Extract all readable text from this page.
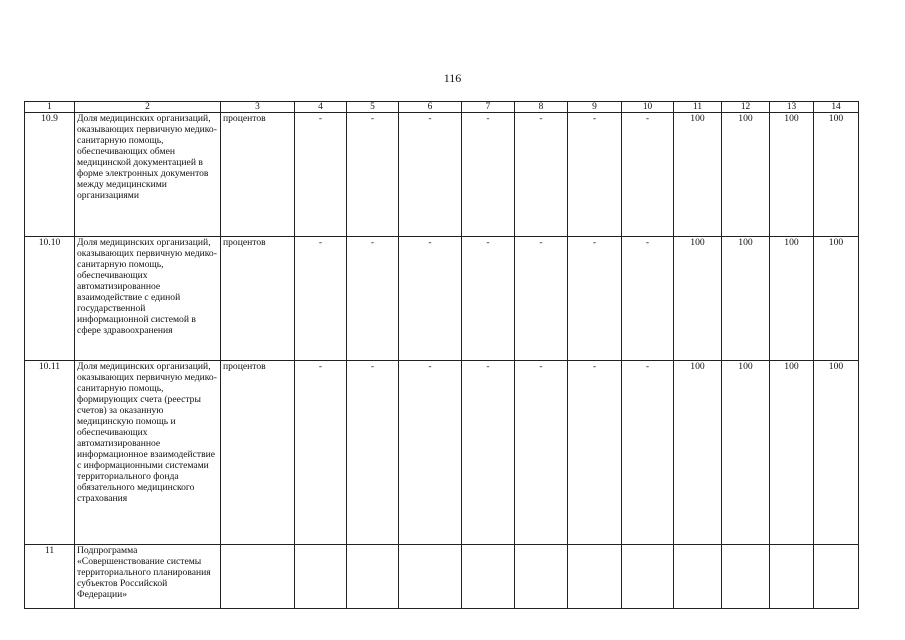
116
1	2	3	4	5	6	7	8	9	10	11	12	13	14
10.9	Доля медицинских организаций, оказывающих первичную медико-санитарную помощь, обеспечивающих обмен медицинской документацией в форме электронных документов между медицинскими организациями	процентов	-	-	-	-	-	-	-	100	100	100	100
10.10	Доля медицинских организаций, оказывающих первичную медико-санитарную помощь, обеспечивающих автоматизированное взаимодействие с единой государственной информационной системой в сфере здравоохранения	процентов	-	-	-	-	-	-	-	100	100	100	100
10.11	Доля медицинских организаций, оказывающих первичную медико-санитарную помощь, формирующих счета (реестры счетов) за оказанную медицинскую помощь и обеспечивающих автоматизированное информационное взаимодействие с информационными системами территориального фонда обязательного медицинского страхования	процентов	-	-	-	-	-	-	-	100	100	100	100
11	Подпрограмма «Совершенствование системы территориального планирования субъектов Российской Федерации»												
